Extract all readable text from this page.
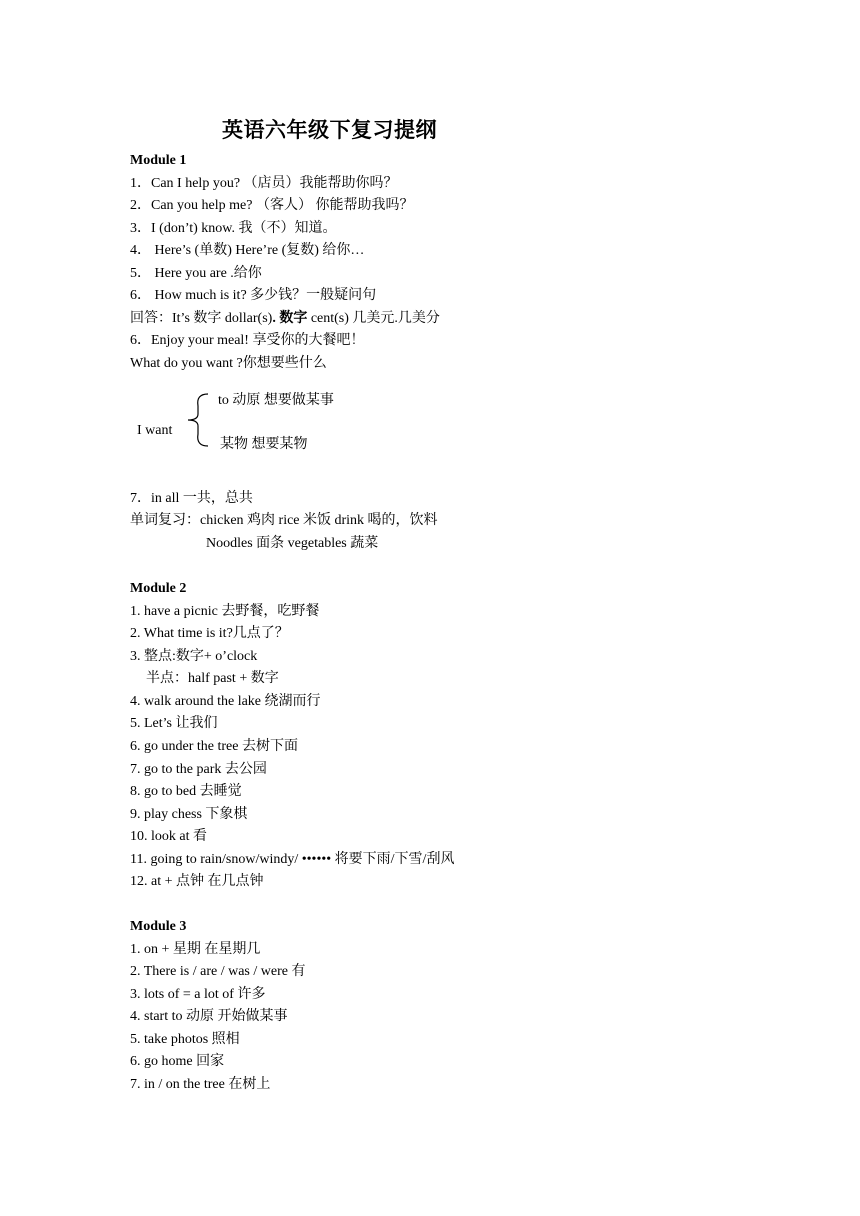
英语六年级下复习提纲
Module 1
1．Can I help you? （店员）我能帮助你吗？
2．Can you help me? （客人） 你能帮助我吗？
3．I (don’t) know. 我（不）知道。
4． Here’s (单数) Here’re (复数) 给你…
5． Here you are .给你
6． How much is it? 多少钱？一般疑问句
回答：It’s 数字 dollar(s). 数字 cent(s) 几美元.几美分
6．Enjoy your meal! 享受你的大餐吧！
What do you want ?你想要些什么
to 动原 想要做某事
I want
某物 想要某物
7．in all 一共，总共
单词复习：chicken 鸡肉 rice 米饭 drink 喝的，饮料
Noodles 面条 vegetables 蔬菜
Module 2
1. have a picnic 去野餐，吃野餐
2. What time is it?几点了？
3. 整点:数字+ o’clock
半点：half past + 数字
4. walk around the lake 绕湖而行
5. Let’s 让我们
6. go under the tree 去树下面
7. go to the park 去公园
8. go to bed 去睡觉
9. play chess 下象棋
10. look at 看
11. going to rain/snow/windy/ •••••• 将要下雨/下雪/刮风
12. at + 点钟 在几点钟
Module 3
1. on + 星期 在星期几
2. There is / are / was / were 有
3. lots of = a lot of 许多
4. start to 动原 开始做某事
5. take photos 照相
6. go home 回家
7. in / on the tree 在树上
